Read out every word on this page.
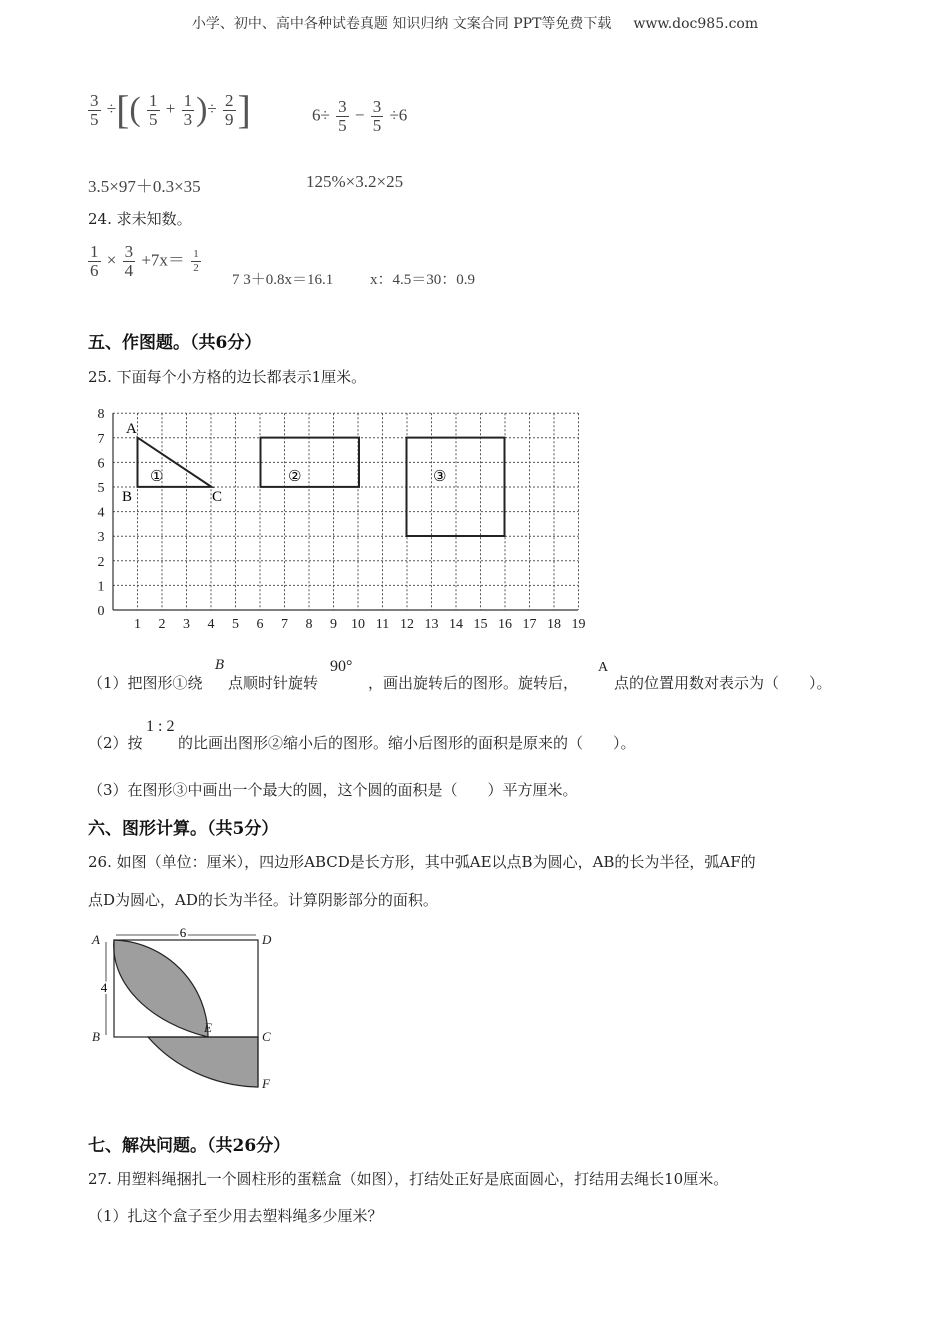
小学、初中、高中各种试卷真题 知识归纳 文案合同 PPT等免费下载 www.doc985.com
$\frac{3}{5}$ ÷[( $\frac{1}{5} + \frac{1}{3}$ )÷ $\frac{2}{9}$ ]	$6\div \frac{3}{5} - \frac{3}{5} \div 6$
3.5×97＋0.3×35	125%×3.2×25
24. 求未知数。
$\frac{1}{6} \times \frac{3}{4} +7x= \frac{1}{2}$
7 3＋0.8x＝16.1 x：4.5＝30：0.9
五、作图题。（共6分）
25. 下面每个小方格的边长都表示1厘米。
1 2 3 4 5 6 7 8 9 10 11 12 13 14 15 16 17 18 19
0
1
2
3
4
5
6
7
8
A
B	C
①	②	③
（1）把图形①绕
B
点顺时针旋转
90°
，画出旋转后的图形。旋转后，
A
点的位置用数对表示为（　　）。
（2）按
1 : 2
的比画出图形②缩小后的图形。缩小后图形的面积是原来的（　　）。
（3）在图形③中画出一个最大的圆，这个圆的面积是（　　）平方厘米。
六、图形计算。（共5分）
26. 如图（单位：厘米），四边形ABCD是长方形，其中弧AE以点B为圆心，AB的长为半径，弧AF的
点D为圆心，AD的长为半径。计算阴影部分的面积。
6
4
A	D
B	C
E
F
七、解决问题。（共26分）
27. 用塑料绳捆扎一个圆柱形的蛋糕盒（如图），打结处正好是底面圆心，打结用去绳长10厘米。
（1）扎这个盒子至少用去塑料绳多少厘米？
